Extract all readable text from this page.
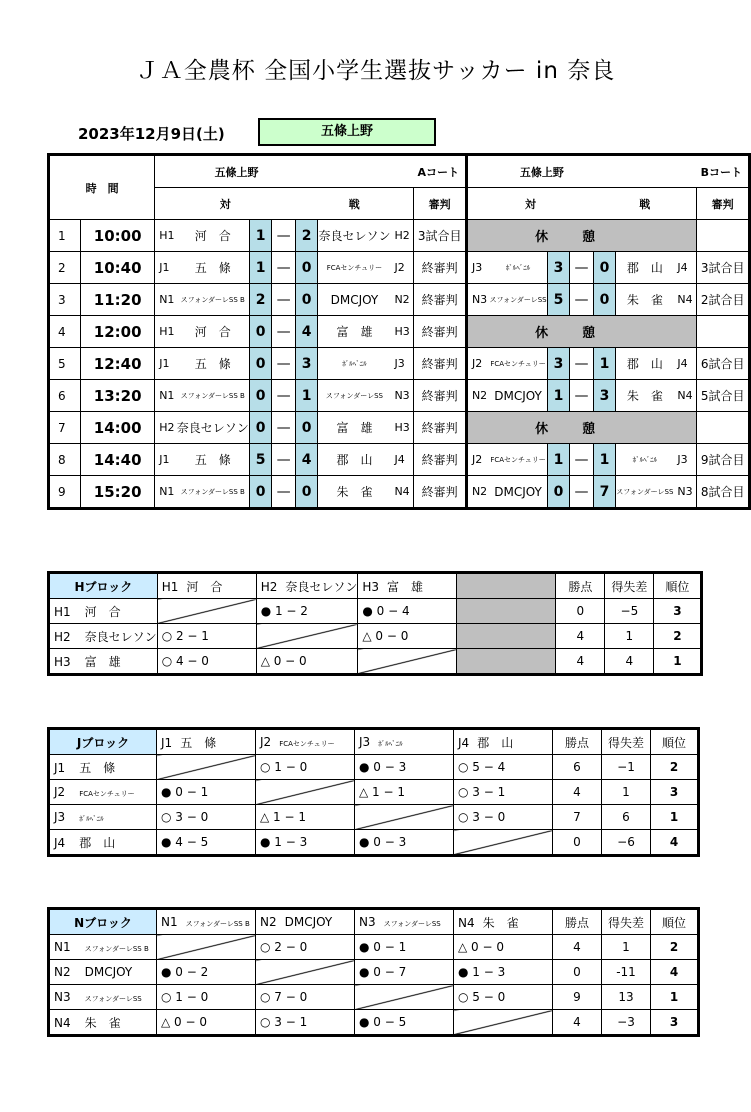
ＪＡ全農杯 全国小学生選抜サッカー in 奈良
2023年12月9日(土)	五條上野
時　間		五條上野					Aコート			五條上野					Bコート		
		対				戦			審判	対				戦			審判
1	10:00	H1	河　合	1	—	2	奈良セレソン	H2	3試合目	休憩							
2	10:40	J1	五　條	1	—	0	FCAセンチュリー	J2	終審判	J3	ﾎﾞﾙﾍﾞﾆﾙ	3	—	0	郡　山	J4	3試合目
3	11:20	N1	スフォンダーレSS B	2	—	0	DMCJOY	N2	終審判	N3	スフォンダーレSS	5	—	0	朱　雀	N4	2試合目
4	12:00	H1	河　合	0	—	4	富　雄	H3	終審判	休憩							
5	12:40	J1	五　條	0	—	3	ﾎﾞﾙﾍﾞﾆﾙ	J3	終審判	J2	FCAセンチュリー	3	—	1	郡　山	J4	6試合目
6	13:20	N1	スフォンダーレSS B	0	—	1	スフォンダーレSS	N3	終審判	N2	DMCJOY	1	—	3	朱　雀	N4	5試合目
7	14:00	H2	奈良セレソン	0	—	0	富　雄	H3	終審判	休憩							
8	14:40	J1	五　條	5	—	4	郡　山	J4	終審判	J2	FCAセンチュリー	1	—	1	ﾎﾞﾙﾍﾞﾆﾙ	J3	9試合目
9	15:20	N1	スフォンダーレSS B	0	—	0	朱　雀	N4	終審判	N2	DMCJOY	0	—	7	スフォンダーレSS	N3	8試合目
Hブロック	H1 河　合	H2 奈良セレソン	H3 富　雄		勝点	得失差	順位
H1 河　合		● 1 − 2	● 0 − 4		0	−5	3
H2 奈良セレソン	○ 2 − 1		△ 0 − 0		4	1	2
H3 富　雄	○ 4 − 0	△ 0 − 0			4	4	1
Jブロック	J1 五　條	J2 FCAセンチュリー	J3 ﾎﾞﾙﾍﾞﾆﾙ	J4 郡　山	勝点	得失差	順位
J1 五　條		○ 1 − 0	● 0 − 3	○ 5 − 4	6	−1	2
J2 FCAセンチュリー	● 0 − 1		△ 1 − 1	○ 3 − 1	4	1	3
J3 ﾎﾞﾙﾍﾞﾆﾙ	○ 3 − 0	△ 1 − 1		○ 3 − 0	7	6	1
J4 郡　山	● 4 − 5	● 1 − 3	● 0 − 3		0	−6	4
Nブロック	N1 スフォンダーレSS B	N2 DMCJOY	N3 スフォンダーレSS	N4 朱　雀	勝点	得失差	順位
N1 スフォンダーレSS B		○ 2 − 0	● 0 − 1	△ 0 − 0	4	1	2
N2 DMCJOY	● 0 − 2		● 0 − 7	● 1 − 3	0	-11	4
N3 スフォンダーレSS	○ 1 − 0	○ 7 − 0		○ 5 − 0	9	13	1
N4 朱　雀	△ 0 − 0	○ 3 − 1	● 0 − 5		4	−3	3
